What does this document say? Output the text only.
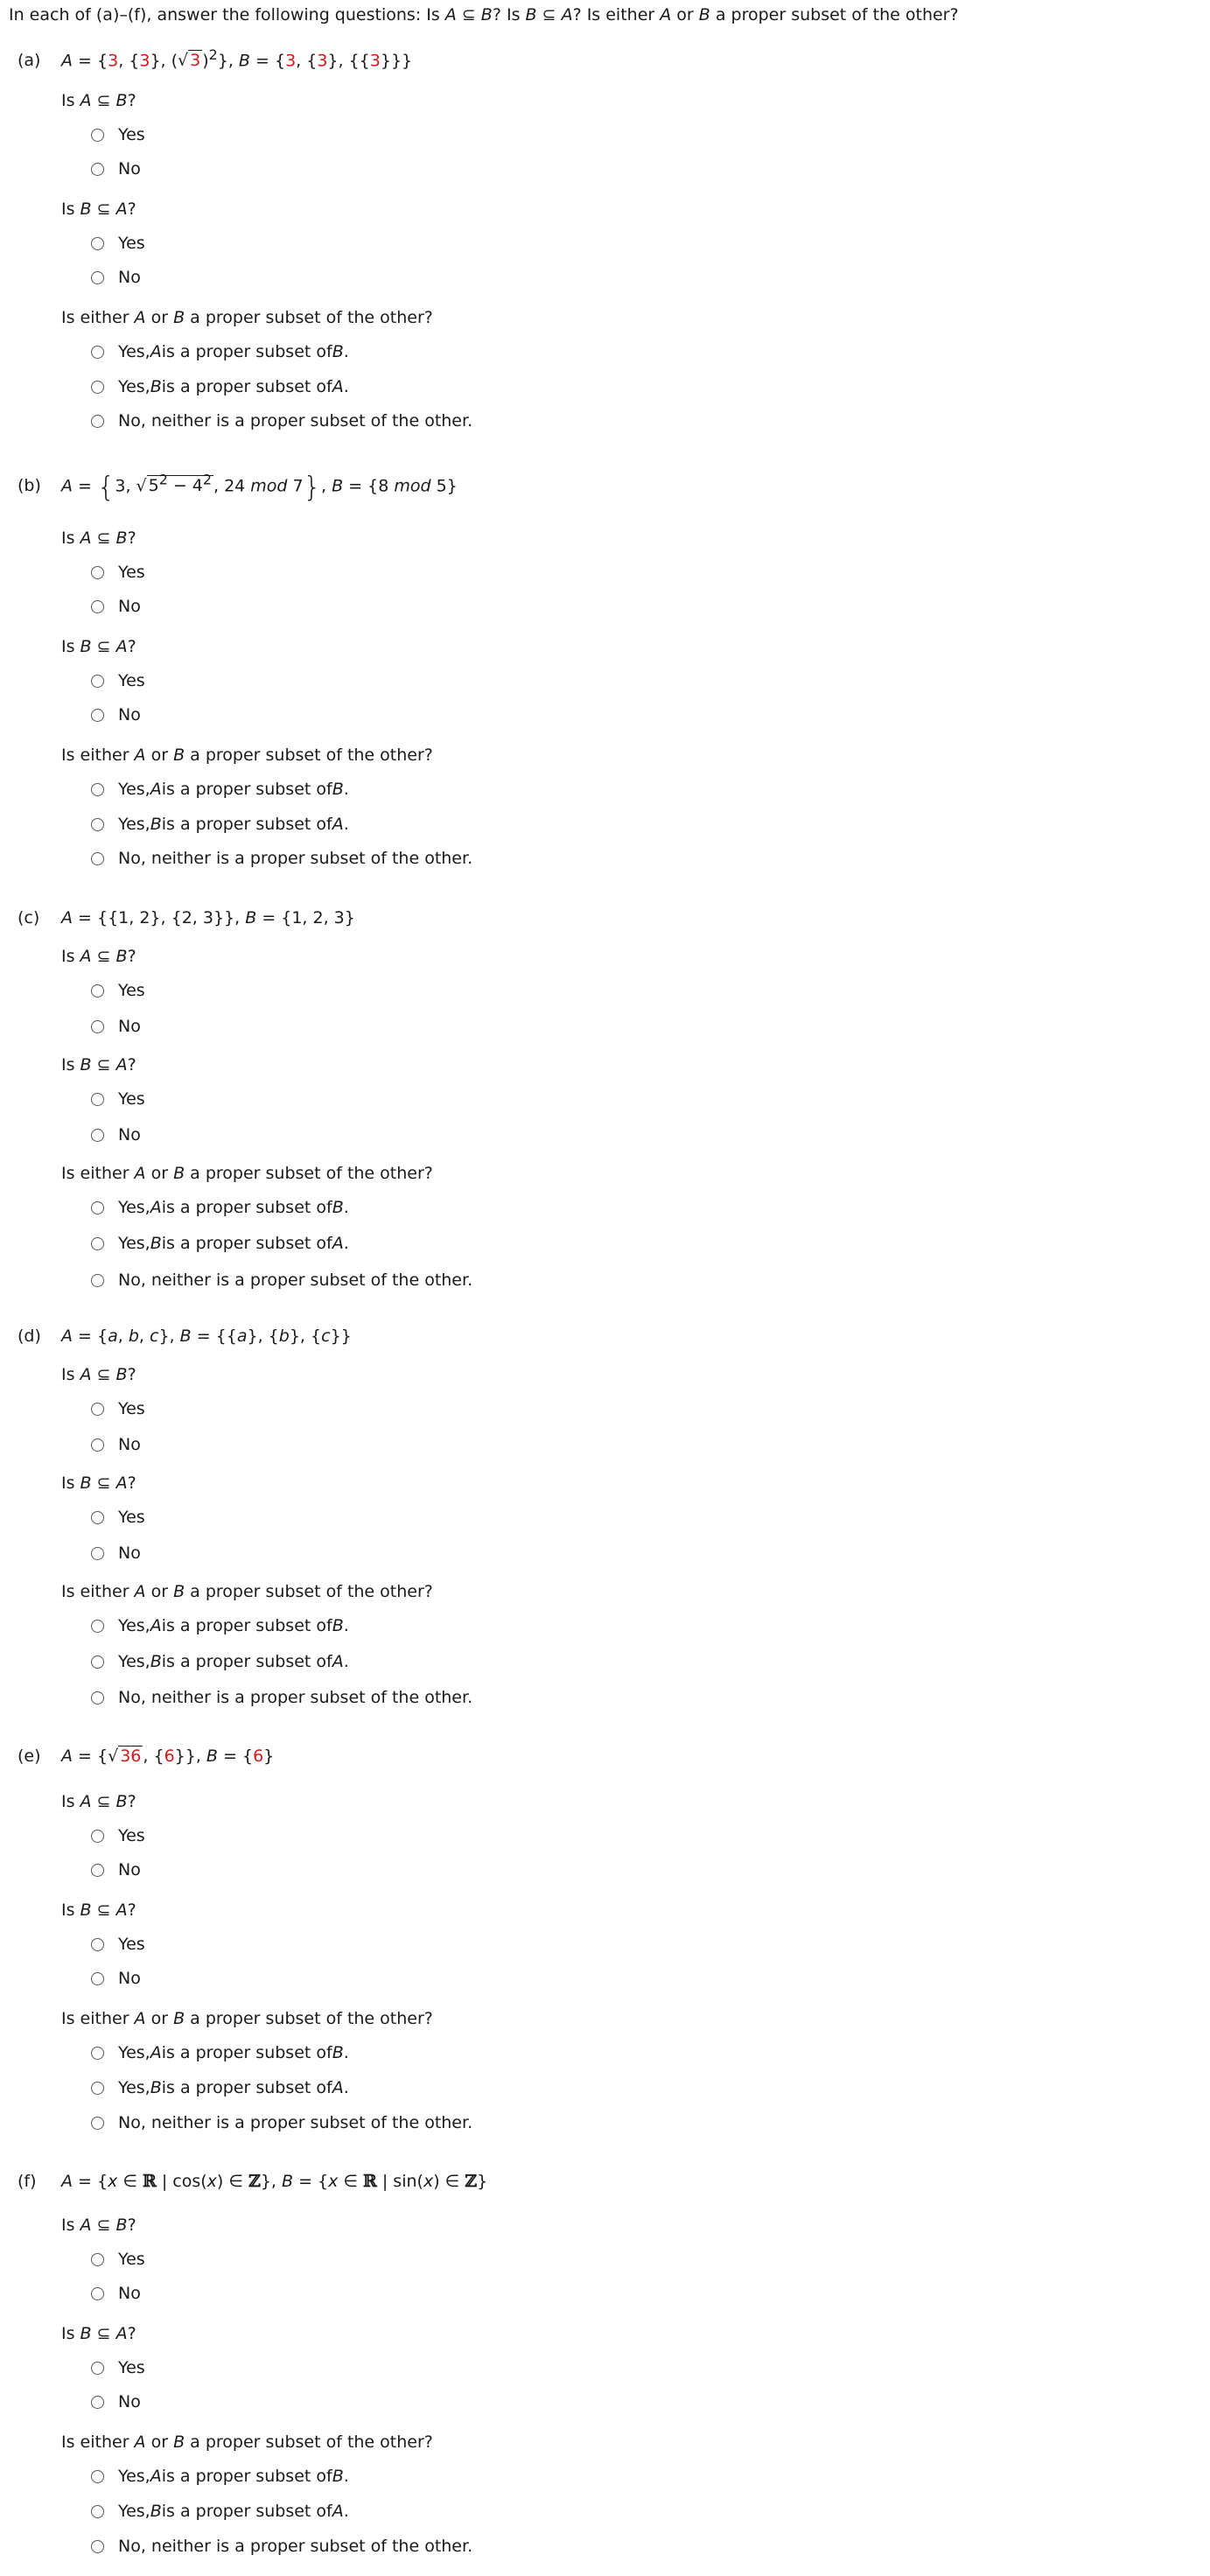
In each of (a)–(f), answer the following questions: Is A ⊆ B? Is B ⊆ A? Is either A or B a proper subset of the other?
(a) A = {3, {3}, (√ 3 )$^2$}, B = {3, {3}, {{3}}}
Is A ⊆ B?
Yes
No
Is B ⊆ A?
Yes
No
Is either A or B a proper subset of the other?
Yes, A is a proper subset of B .
Yes, B is a proper subset of A .
No, neither is a proper subset of the other.
(b) A = {3, √ $5^2 - 4^2$ , 24 mod 7}, B = {8 mod 5}
Is A ⊆ B?
Yes
No
Is B ⊆ A?
Yes
No
Is either A or B a proper subset of the other?
Yes, A is a proper subset of B .
Yes, B is a proper subset of A .
No, neither is a proper subset of the other.
(c) A = {{1, 2}, {2, 3}}, B = {1, 2, 3}
Is A ⊆ B?
Yes
No
Is B ⊆ A?
Yes
No
Is either A or B a proper subset of the other?
Yes, A is a proper subset of B .
Yes, B is a proper subset of A .
No, neither is a proper subset of the other.
(d) A = {a, b, c}, B = {{a}, {b}, {c}}
Is A ⊆ B?
Yes
No
Is B ⊆ A?
Yes
No
Is either A or B a proper subset of the other?
Yes, A is a proper subset of B .
Yes, B is a proper subset of A .
No, neither is a proper subset of the other.
(e) A = {√ 36 , {6}}, B = {6}
Is A ⊆ B?
Yes
No
Is B ⊆ A?
Yes
No
Is either A or B a proper subset of the other?
Yes, A is a proper subset of B .
Yes, B is a proper subset of A .
No, neither is a proper subset of the other.
(f) A = {x ∈ ℝ | cos(x) ∈ ℤ}, B = {x ∈ ℝ | sin(x) ∈ ℤ}
Is A ⊆ B?
Yes
No
Is B ⊆ A?
Yes
No
Is either A or B a proper subset of the other?
Yes, A is a proper subset of B .
Yes, B is a proper subset of A .
No, neither is a proper subset of the other.
